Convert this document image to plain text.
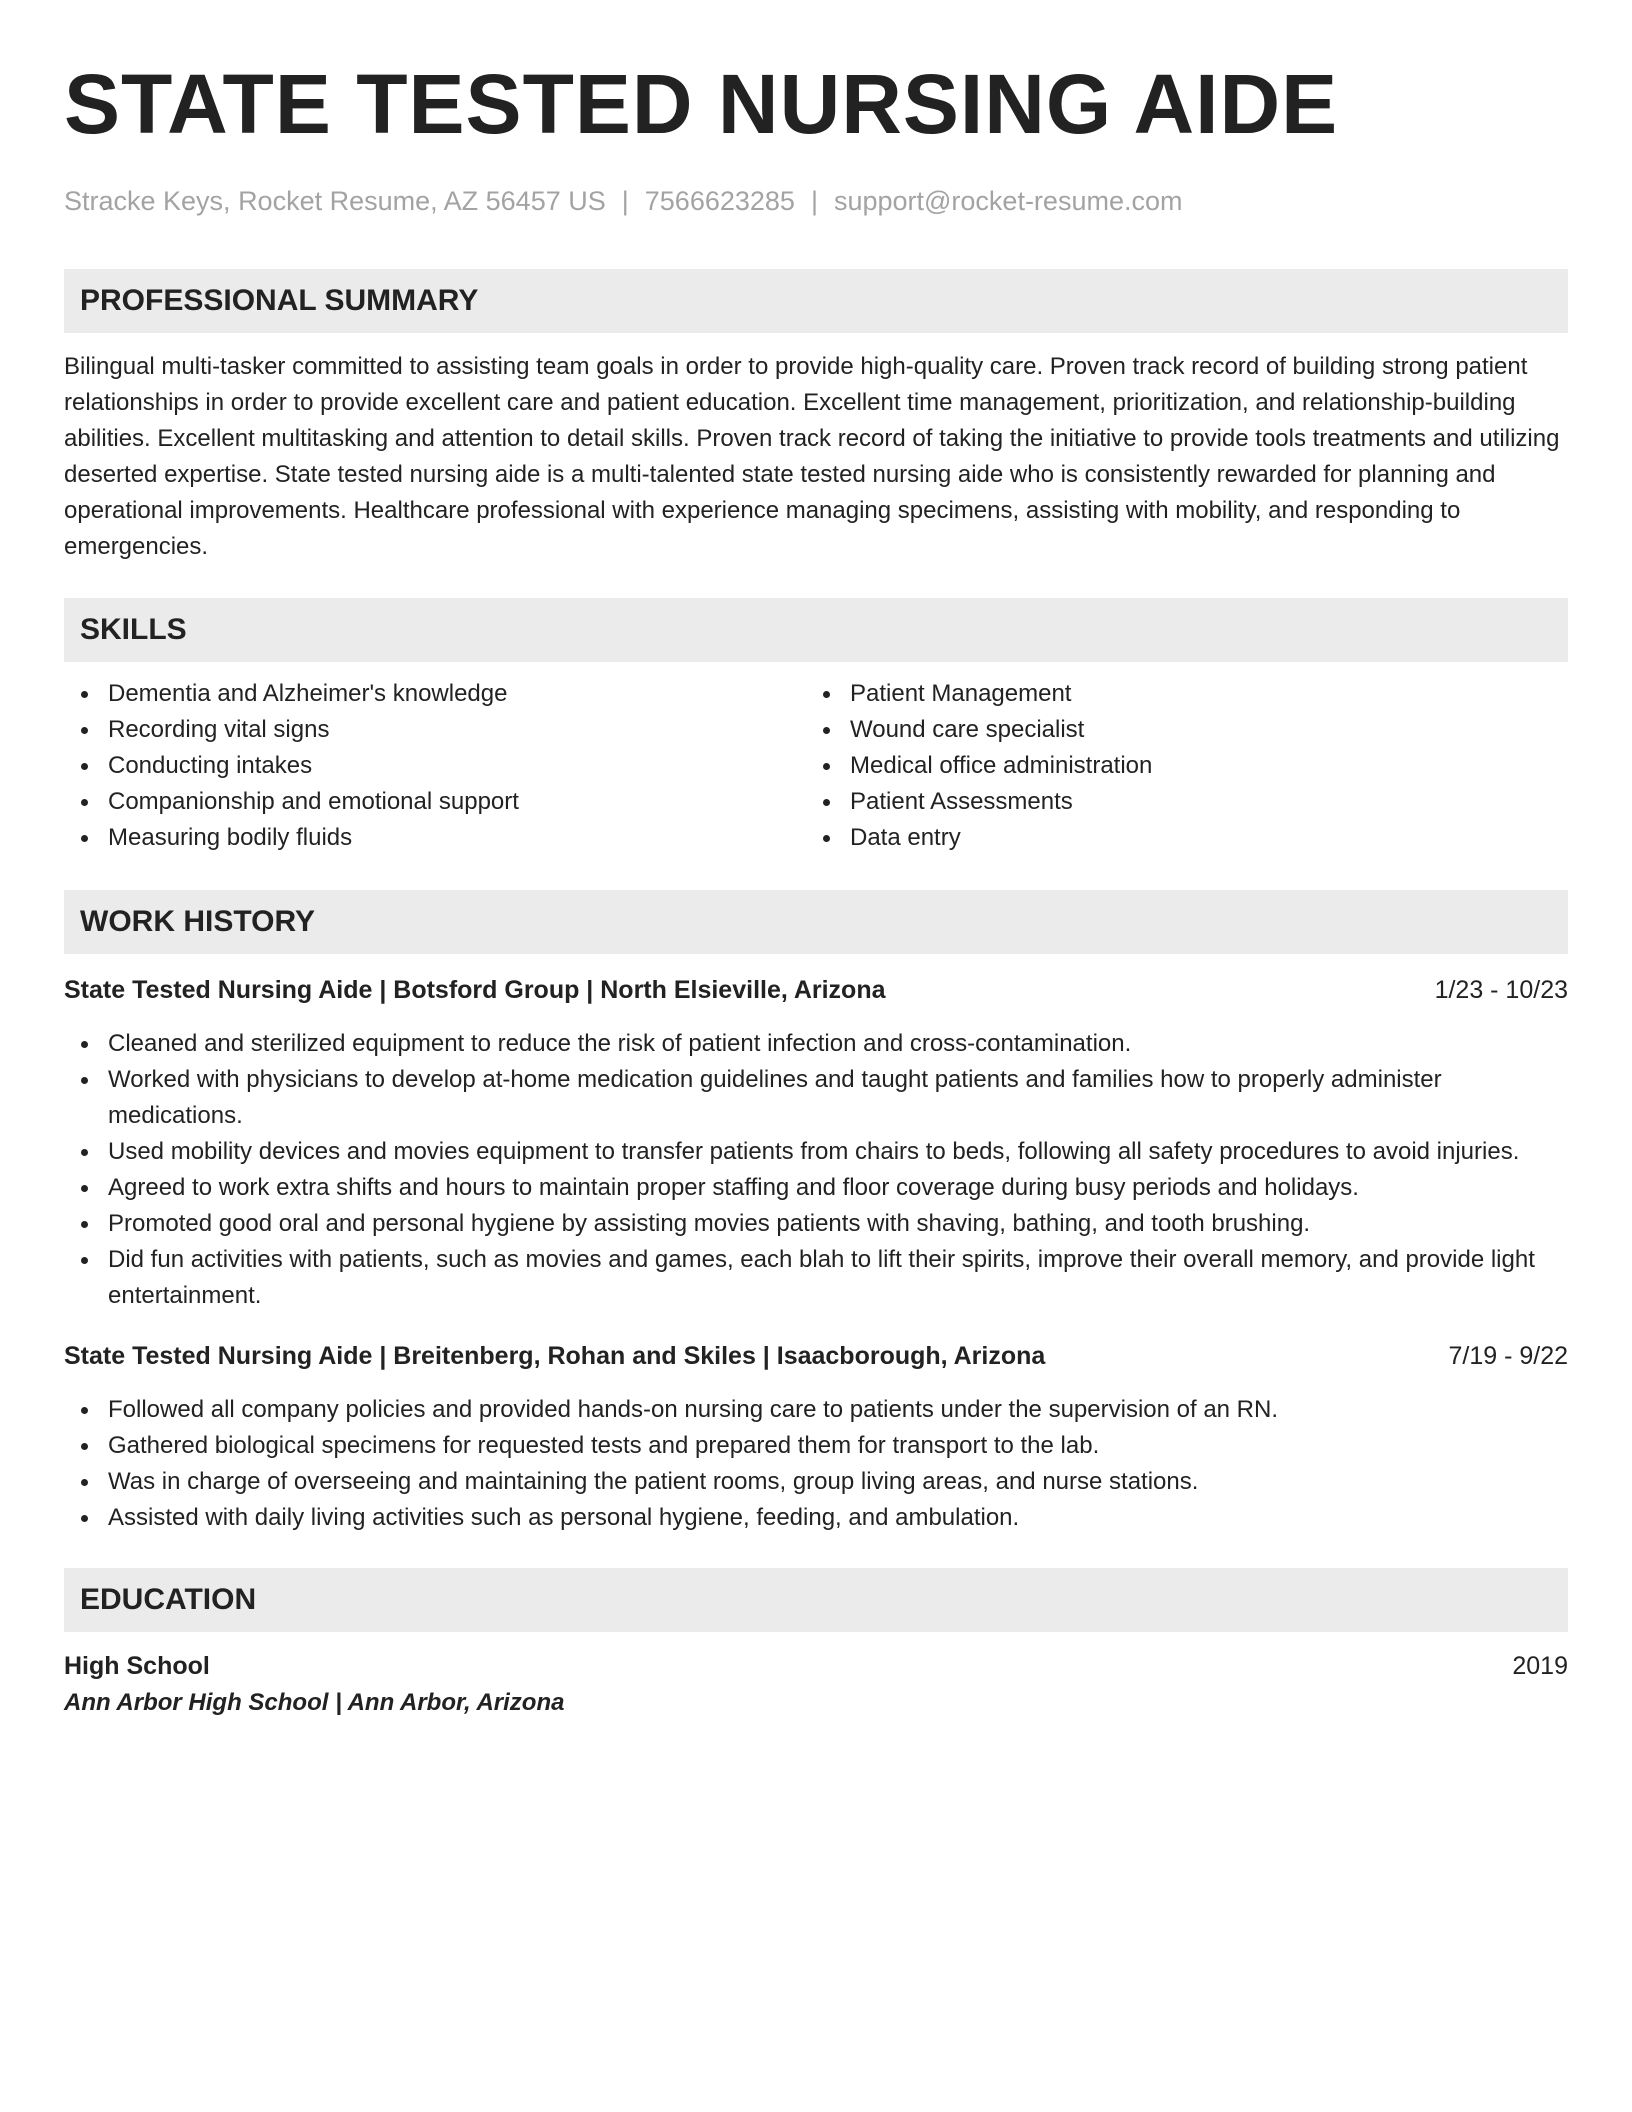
STATE TESTED NURSING AIDE
Stracke Keys, Rocket Resume, AZ 56457 US | 7566623285 | support@rocket-resume.com
PROFESSIONAL SUMMARY
Bilingual multi-tasker committed to assisting team goals in order to provide high-quality care. Proven track record of building strong patient relationships in order to provide excellent care and patient education. Excellent time management, prioritization, and relationship-building abilities. Excellent multitasking and attention to detail skills. Proven track record of taking the initiative to provide tools treatments and utilizing deserted expertise. State tested nursing aide is a multi-talented state tested nursing aide who is consistently rewarded for planning and operational improvements. Healthcare professional with experience managing specimens, assisting with mobility, and responding to emergencies.
SKILLS
Dementia and Alzheimer's knowledge
Recording vital signs
Conducting intakes
Companionship and emotional support
Measuring bodily fluids
Patient Management
Wound care specialist
Medical office administration
Patient Assessments
Data entry
WORK HISTORY
State Tested Nursing Aide | Botsford Group | North Elsieville, Arizona	1/23 - 10/23
Cleaned and sterilized equipment to reduce the risk of patient infection and cross-contamination.
Worked with physicians to develop at-home medication guidelines and taught patients and families how to properly administer medications.
Used mobility devices and movies equipment to transfer patients from chairs to beds, following all safety procedures to avoid injuries.
Agreed to work extra shifts and hours to maintain proper staffing and floor coverage during busy periods and holidays.
Promoted good oral and personal hygiene by assisting movies patients with shaving, bathing, and tooth brushing.
Did fun activities with patients, such as movies and games, each blah to lift their spirits, improve their overall memory, and provide light entertainment.
State Tested Nursing Aide | Breitenberg, Rohan and Skiles | Isaacborough, Arizona	7/19 - 9/22
Followed all company policies and provided hands-on nursing care to patients under the supervision of an RN.
Gathered biological specimens for requested tests and prepared them for transport to the lab.
Was in charge of overseeing and maintaining the patient rooms, group living areas, and nurse stations.
Assisted with daily living activities such as personal hygiene, feeding, and ambulation.
EDUCATION
High School	2019
Ann Arbor High School | Ann Arbor, Arizona
